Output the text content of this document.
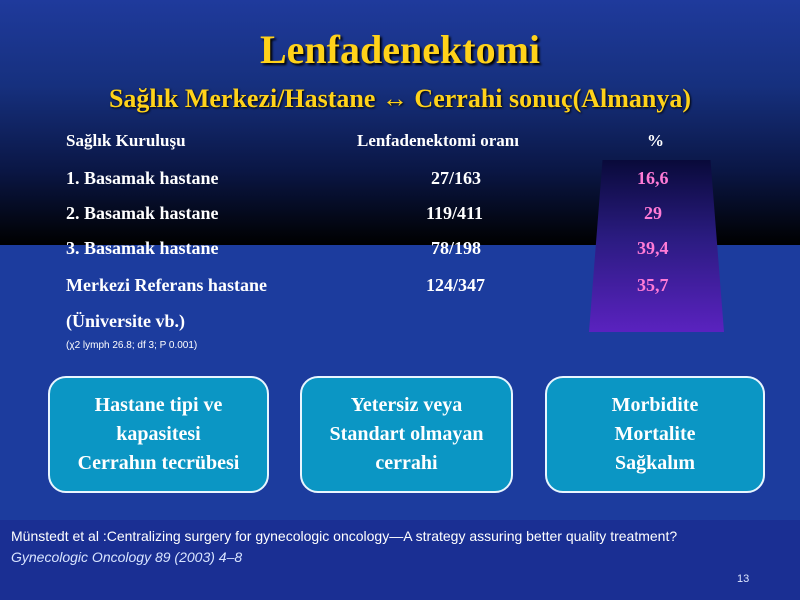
Lenfadenektomi
Sağlık Merkezi/Hastane ↔ Cerrahi sonuç(Almanya)
Sağlık Kuruluşu	Lenfadenektomi oranı	%
1. Basamak hastane	27/163	16,6
2. Basamak hastane	119/411	29
3. Basamak hastane	78/198	39,4
Merkezi Referans hastane	124/347	35,7
(Üniversite vb.)
(χ2 lymph 26.8; df 3; P 0.001)
Hastane tipi ve
kapasitesi
Cerrahın tecrübesi
Yetersiz veya
Standart olmayan
cerrahi
Morbidite
Mortalite
Sağkalım
Münstedt et al :Centralizing surgery for gynecologic oncology—A strategy assuring better quality treatment?
Gynecologic Oncology 89 (2003) 4–8
13
